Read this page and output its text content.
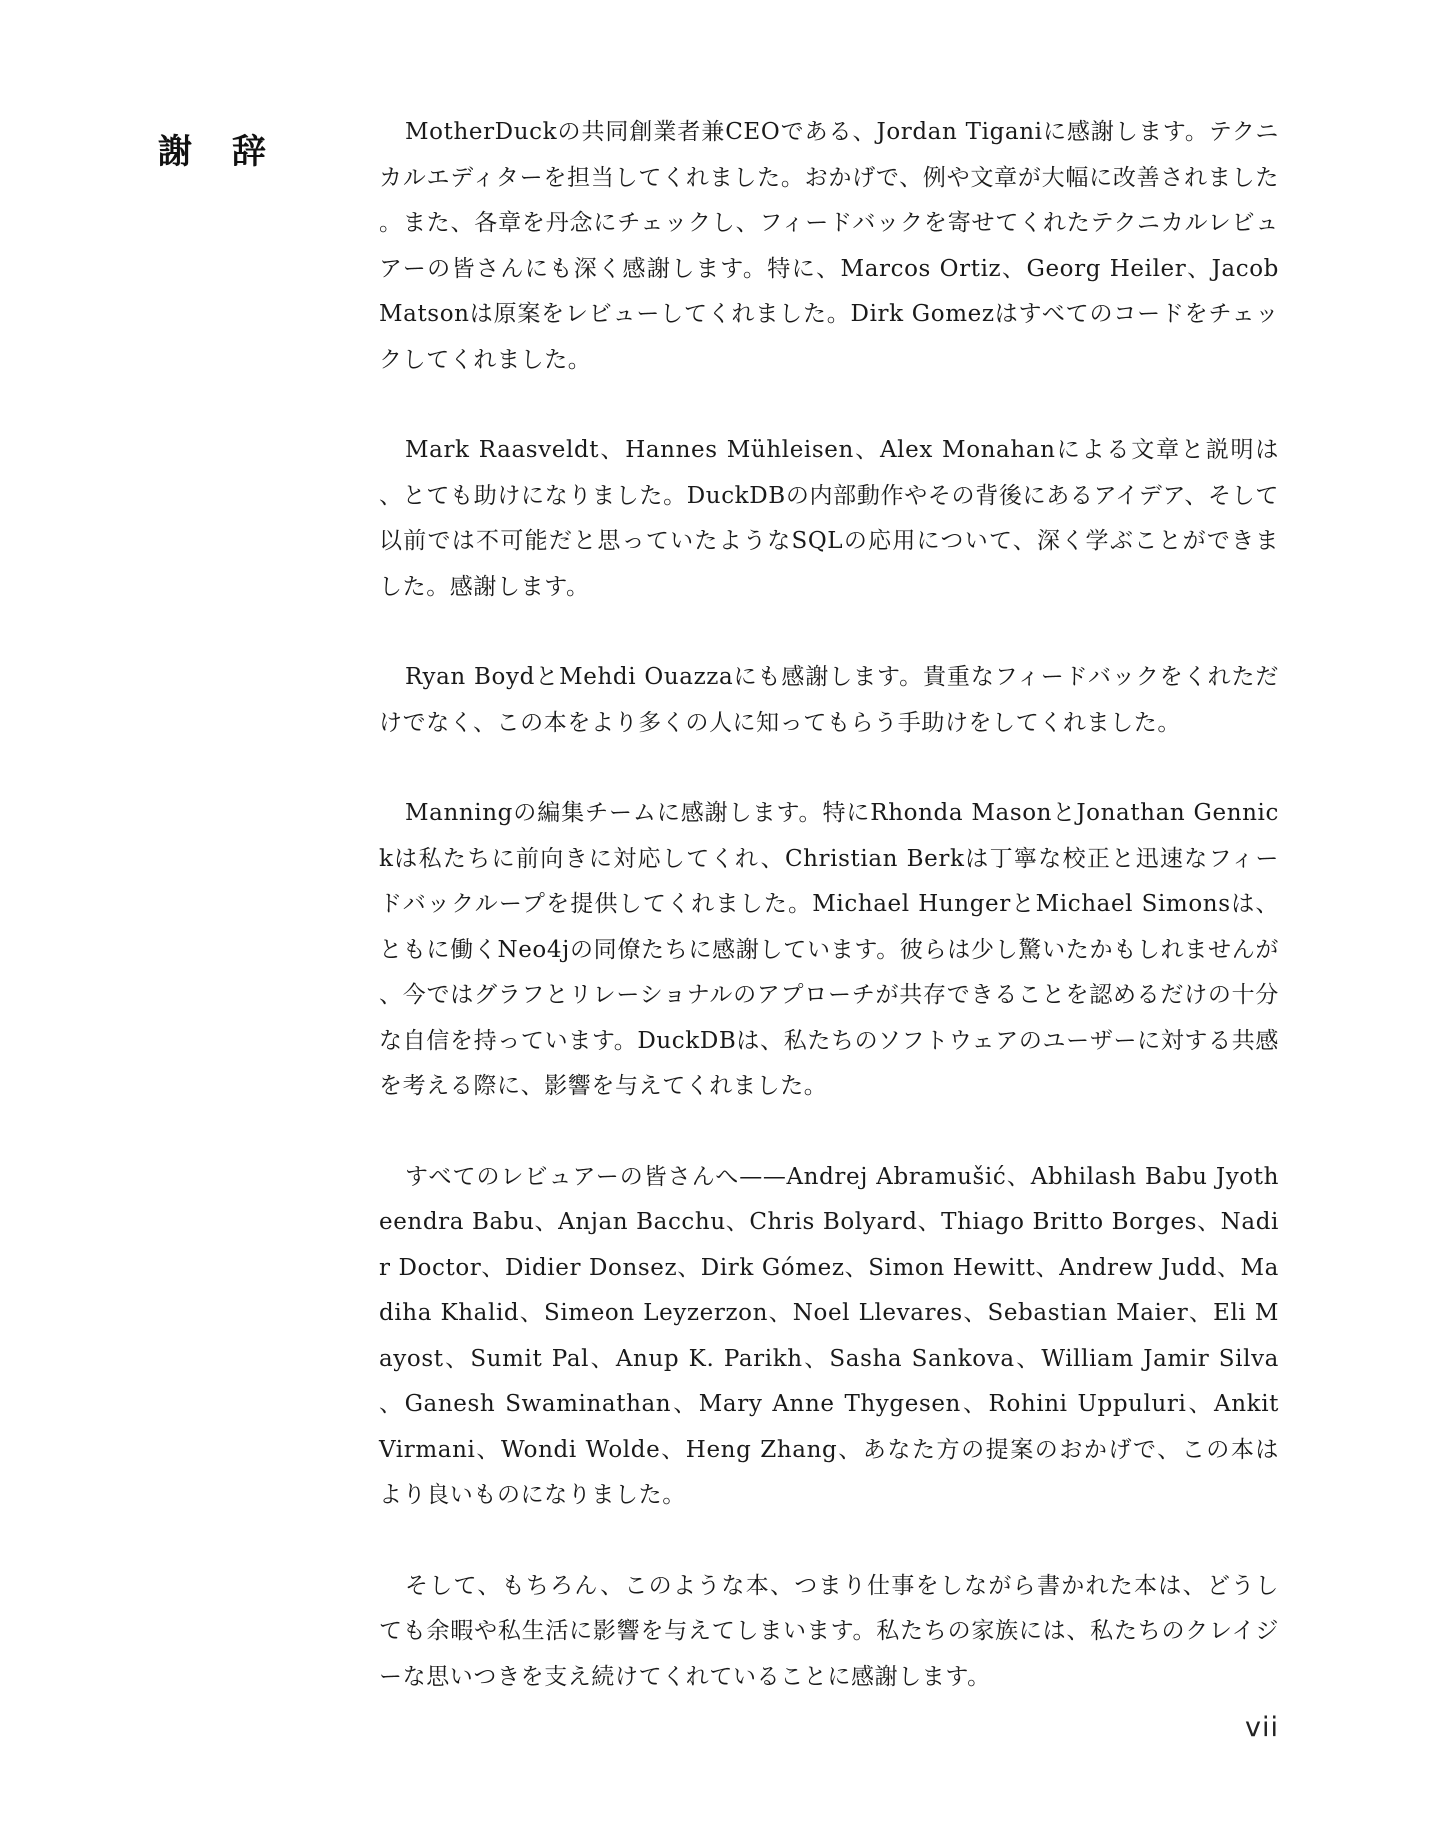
謝 辞	MotherDuckの共同創業者兼CEOである、Jordan Tiganiに感謝します。テクニカルエディターを担当してくれました。おかげで、例や文章が大幅に改善されました。また、各章を丹念にチェックし、フィードバックを寄せてくれたテクニカルレビュアーの皆さんにも深く感謝します。特に、Marcos Ortiz、Georg Heiler、Jacob Matsonは原案をレビューしてくれました。Dirk Gomezはすべてのコードをチェックしてくれました。

Mark Raasveldt、Hannes Mühleisen、Alex Monahanによる文章と説明は、とても助けになりました。DuckDBの内部動作やその背後にあるアイデア、そして以前では不可能だと思っていたようなSQLの応用について、深く学ぶことができました。感謝します。

Ryan BoydとMehdi Ouazzaにも感謝します。貴重なフィードバックをくれただけでなく、この本をより多くの人に知ってもらう手助けをしてくれました。

Manningの編集チームに感謝します。特にRhonda MasonとJonathan Gennickは私たちに前向きに対応してくれ、Christian Berkは丁寧な校正と迅速なフィードバックループを提供してくれました。Michael HungerとMichael Simonsは、ともに働くNeo4jの同僚たちに感謝しています。彼らは少し驚いたかもしれませんが、今ではグラフとリレーショナルのアプローチが共存できることを認めるだけの十分な自信を持っています。DuckDBは、私たちのソフトウェアのユーザーに対する共感を考える際に、影響を与えてくれました。

すべてのレビュアーの皆さんへ——Andrej Abramušić、Abhilash Babu Jyotheendra Babu、Anjan Bacchu、Chris Bolyard、Thiago Britto Borges、Nadir Doctor、Didier Donsez、Dirk Gómez、Simon Hewitt、Andrew Judd、Madiha Khalid、Simeon Leyzerzon、Noel Llevares、Sebastian Maier、Eli Mayost、Sumit Pal、Anup K. Parikh、Sasha Sankova、William Jamir Silva、Ganesh Swaminathan、Mary Anne Thygesen、Rohini Uppuluri、Ankit Virmani、Wondi Wolde、Heng Zhang、あなた方の提案のおかげで、この本はより良いものになりました。

そして、もちろん、このような本、つまり仕事をしながら書かれた本は、どうしても余暇や私生活に影響を与えてしまいます。私たちの家族には、私たちのクレイジーな思いつきを支え続けてくれていることに感謝します。

vii
